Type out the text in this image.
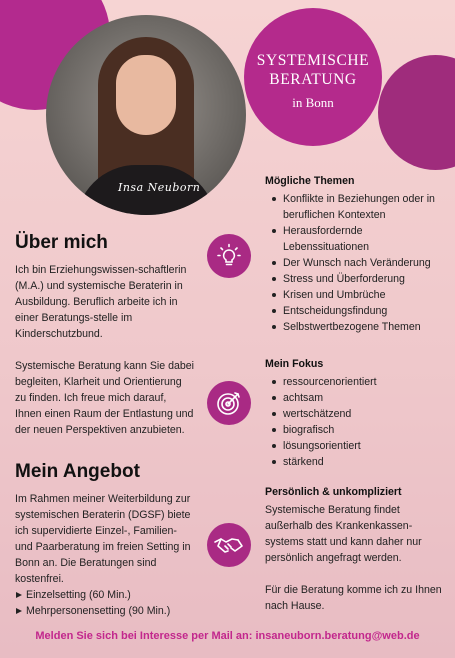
Insa Neuborn
SYSTEMISCHE
BERATUNG
in Bonn
Über mich

Ich bin Erziehungswissen-schaftlerin (M.A.) und systemische Beraterin in Ausbildung. Beruflich arbeite ich in einer Beratungs-stelle im Kinderschutzbund.

Systemische Beratung kann Sie dabei begleiten, Klarheit und Orientierung zu finden. Ich freue mich darauf, Ihnen einen Raum der Entlastung und der neuen Perspektiven anzubieten.

Mein Angebot

Im Rahmen meiner Weiterbildung zur systemischen Beraterin (DGSF) biete ich supervidierte Einzel-, Familien- und Paarberatung im freien Setting in Bonn an. Die Beratungen sind kostenfrei.

Einzelsetting (60 Min.)
Mehrpersonensetting (90 Min.)
Mögliche Themen
Konflikte in Beziehungen oder in beruflichen Kontexten
Herausfordernde Lebenssituationen
Der Wunsch nach Veränderung
Stress und Überforderung
Krisen und Umbrüche
Entscheidungsfindung
Selbstwertbezogene Themen
Mein Fokus
ressourcenorientiert
achtsam
wertschätzend
biografisch
lösungsorientiert
stärkend
Persönlich & unkompliziert

Systemische Beratung findet außerhalb des Krankenkassen-systems statt und kann daher nur persönlich angefragt werden.

Für die Beratung komme ich zu Ihnen nach Hause.

Melden Sie sich bei Interesse per Mail an: insaneuborn.beratung@web.de
